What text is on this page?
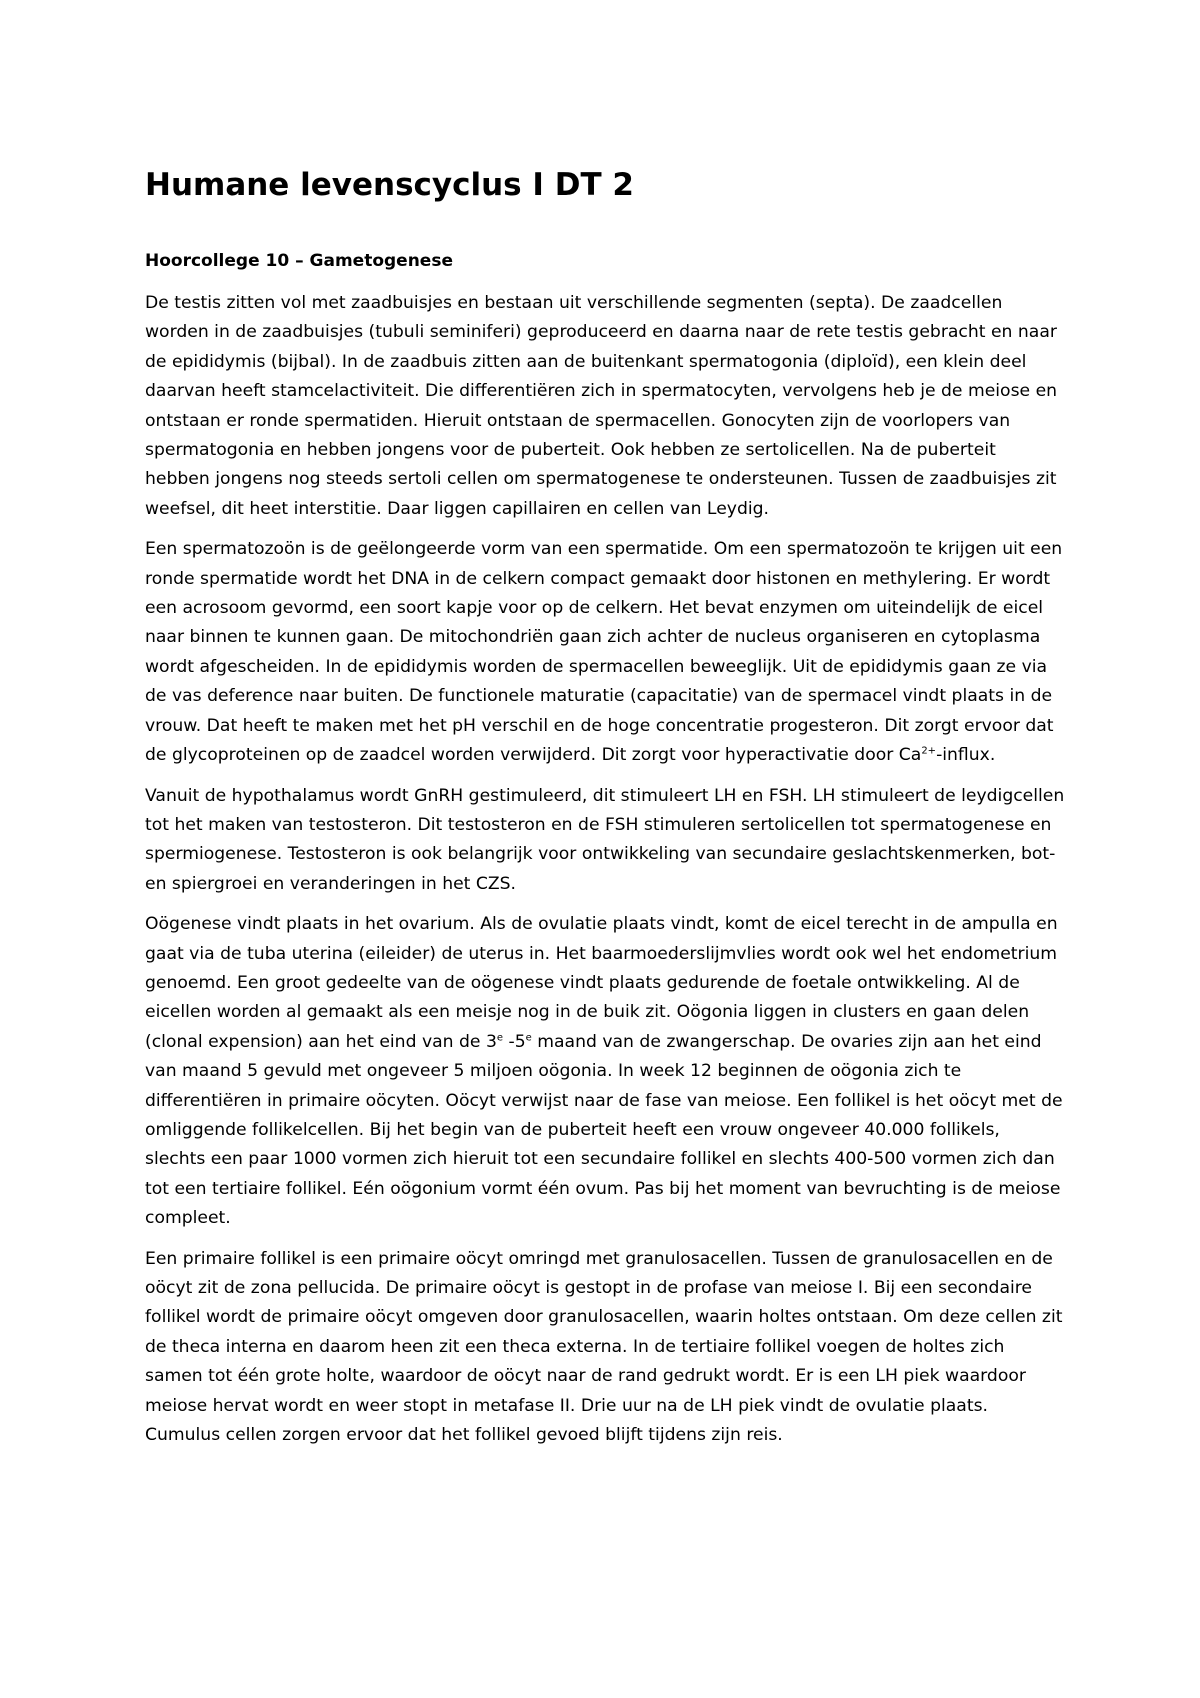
Humane levenscyclus I DT 2
Hoorcollege 10 – Gametogenese

De testis zitten vol met zaadbuisjes en bestaan uit verschillende segmenten (septa). De zaadcellen worden in de zaadbuisjes (tubuli seminiferi) geproduceerd en daarna naar de rete testis gebracht en naar de epididymis (bijbal). In de zaadbuis zitten aan de buitenkant spermatogonia (diploïd), een klein deel daarvan heeft stamcelactiviteit. Die differentiëren zich in spermatocyten, vervolgens heb je de meiose en ontstaan er ronde spermatiden. Hieruit ontstaan de spermacellen. Gonocyten zijn de voorlopers van spermatogonia en hebben jongens voor de puberteit. Ook hebben ze sertolicellen. Na de puberteit hebben jongens nog steeds sertoli cellen om spermatogenese te ondersteunen. Tussen de zaadbuisjes zit weefsel, dit heet interstitie. Daar liggen capillairen en cellen van Leydig.

Een spermatozoön is de geëlongeerde vorm van een spermatide. Om een spermatozoön te krijgen uit een ronde spermatide wordt het DNA in de celkern compact gemaakt door histonen en methylering. Er wordt een acrosoom gevormd, een soort kapje voor op de celkern. Het bevat enzymen om uiteindelijk de eicel naar binnen te kunnen gaan. De mitochondriën gaan zich achter de nucleus organiseren en cytoplasma wordt afgescheiden. In de epididymis worden de spermacellen beweeglijk. Uit de epididymis gaan ze via de vas deference naar buiten. De functionele maturatie (capacitatie) van de spermacel vindt plaats in de vrouw. Dat heeft te maken met het pH verschil en de hoge concentratie progesteron. Dit zorgt ervoor dat de glycoproteinen op de zaadcel worden verwijderd. Dit zorgt voor hyperactivatie door $Ca^{2+}$-influx.

Vanuit de hypothalamus wordt GnRH gestimuleerd, dit stimuleert LH en FSH. LH stimuleert de leydigcellen tot het maken van testosteron. Dit testosteron en de FSH stimuleren sertolicellen tot spermatogenese en spermiogenese. Testosteron is ook belangrijk voor ontwikkeling van secundaire geslachtskenmerken, bot- en spiergroei en veranderingen in het CZS.

Oögenese vindt plaats in het ovarium. Als de ovulatie plaats vindt, komt de eicel terecht in de ampulla en gaat via de tuba uterina (eileider) de uterus in. Het baarmoederslijmvlies wordt ook wel het endometrium genoemd. Een groot gedeelte van de oögenese vindt plaats gedurende de foetale ontwikkeling. Al de eicellen worden al gemaakt als een meisje nog in de buik zit. Oögonia liggen in clusters en gaan delen (clonal expension) aan het eind van de 3e -5e maand van de zwangerschap. De ovaries zijn aan het eind van maand 5 gevuld met ongeveer 5 miljoen oögonia. In week 12 beginnen de oögonia zich te differentiëren in primaire oöcyten. Oöcyt verwijst naar de fase van meiose. Een follikel is het oöcyt met de omliggende follikelcellen. Bij het begin van de puberteit heeft een vrouw ongeveer 40.000 follikels, slechts een paar 1000 vormen zich hieruit tot een secundaire follikel en slechts 400-500 vormen zich dan tot een tertiaire follikel. Eén oögonium vormt één ovum. Pas bij het moment van bevruchting is de meiose compleet.

Een primaire follikel is een primaire oöcyt omringd met granulosacellen. Tussen de granulosacellen en de oöcyt zit de zona pellucida. De primaire oöcyt is gestopt in de profase van meiose I. Bij een secondaire follikel wordt de primaire oöcyt omgeven door granulosacellen, waarin holtes ontstaan. Om deze cellen zit de theca interna en daarom heen zit een theca externa. In de tertiaire follikel voegen de holtes zich samen tot één grote holte, waardoor de oöcyt naar de rand gedrukt wordt. Er is een LH piek waardoor meiose hervat wordt en weer stopt in metafase II. Drie uur na de LH piek vindt de ovulatie plaats. Cumulus cellen zorgen ervoor dat het follikel gevoed blijft tijdens zijn reis.
